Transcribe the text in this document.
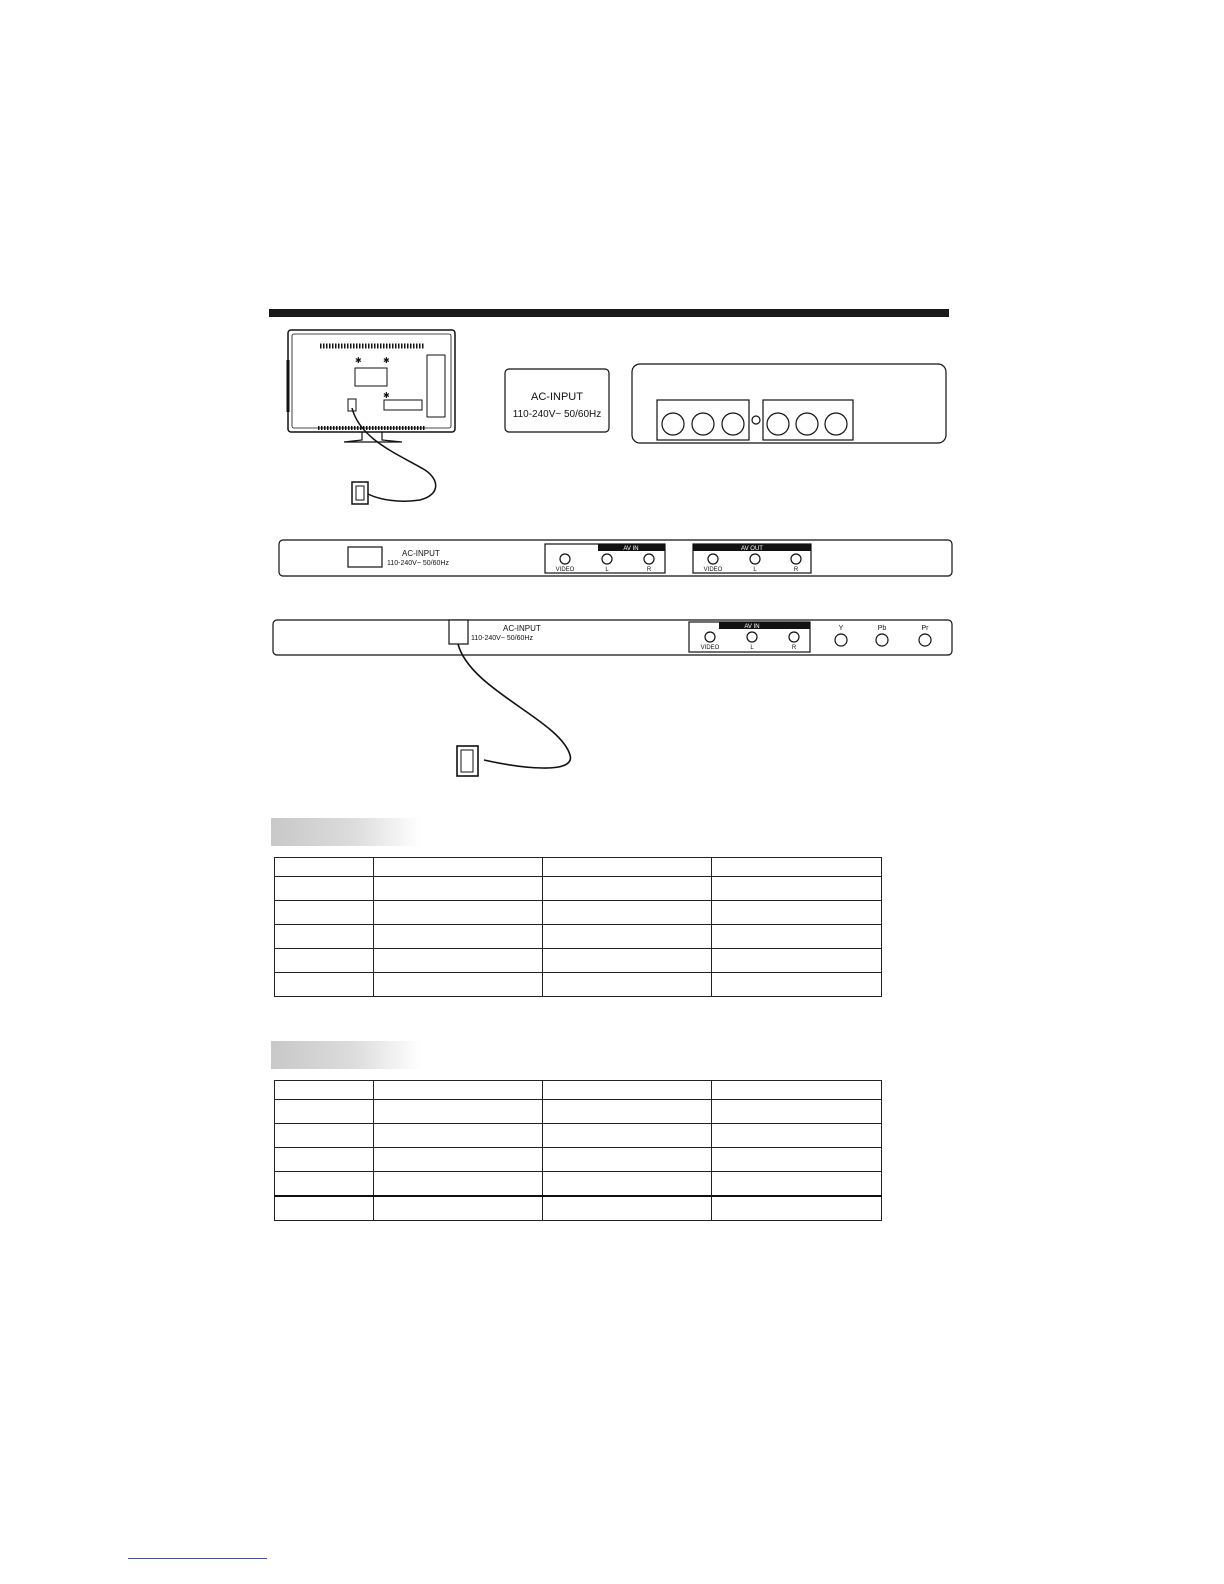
✱	✱
✱	AC-INPUT
110-240V~ 50/60Hz
AC-INPUT
110-240V~ 50/60Hz
AV IN
VIDEO	L	R
AV OUT
VIDEO	L	R
AC-INPUT
110-240V~ 50/60Hz
AV IN
VIDEO	L	R
Y	Pb	Pr
